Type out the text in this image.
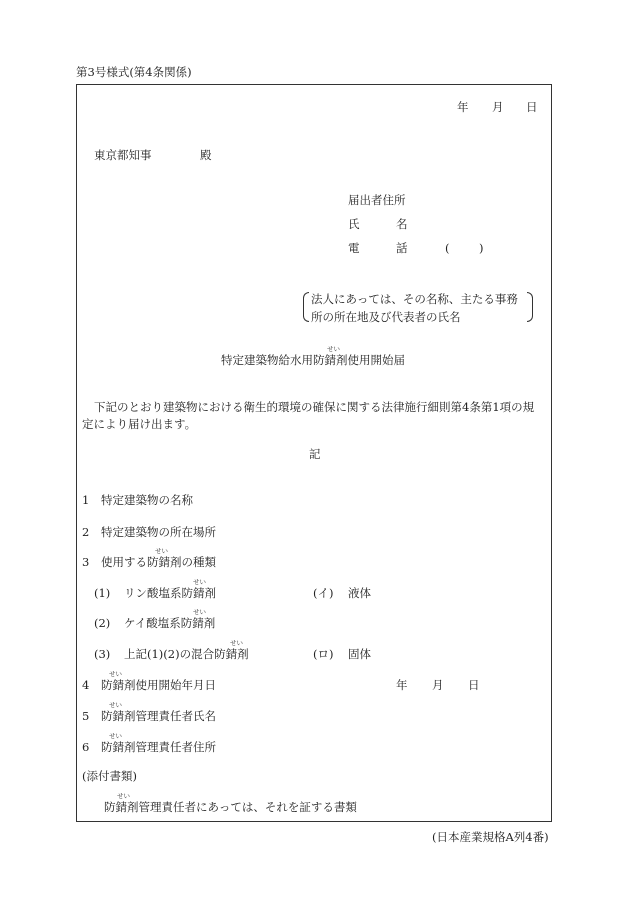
第3号様式(第4条関係)
年 月 日
東京都知事	殿
届出者住所
氏	名
電	話	(	)
法人にあっては、その名称、主たる事務
所の所在地及び代表者の氏名
せい
特定建築物給水用防錆剤使用開始届
下記のとおり建築物における衛生的環境の確保に関する法律施行細則第4条第1項の規
定により届け出ます。
記
1 特定建築物の名称
2 特定建築物の所在場所
せい
3 使用する防錆剤の種類
せい
(1) リン酸塩系防錆剤	(イ) 液体
せい
(2) ケイ酸塩系防錆剤
せい
(3) 上記(1)(2)の混合防錆剤	(ロ) 固体
せい
4 防錆剤使用開始年月日	年 月 日
せい
5 防錆剤管理責任者氏名
せい
6 防錆剤管理責任者住所
(添付書類)
せい
防錆剤管理責任者にあっては、それを証する書類
(日本産業規格A列4番)
